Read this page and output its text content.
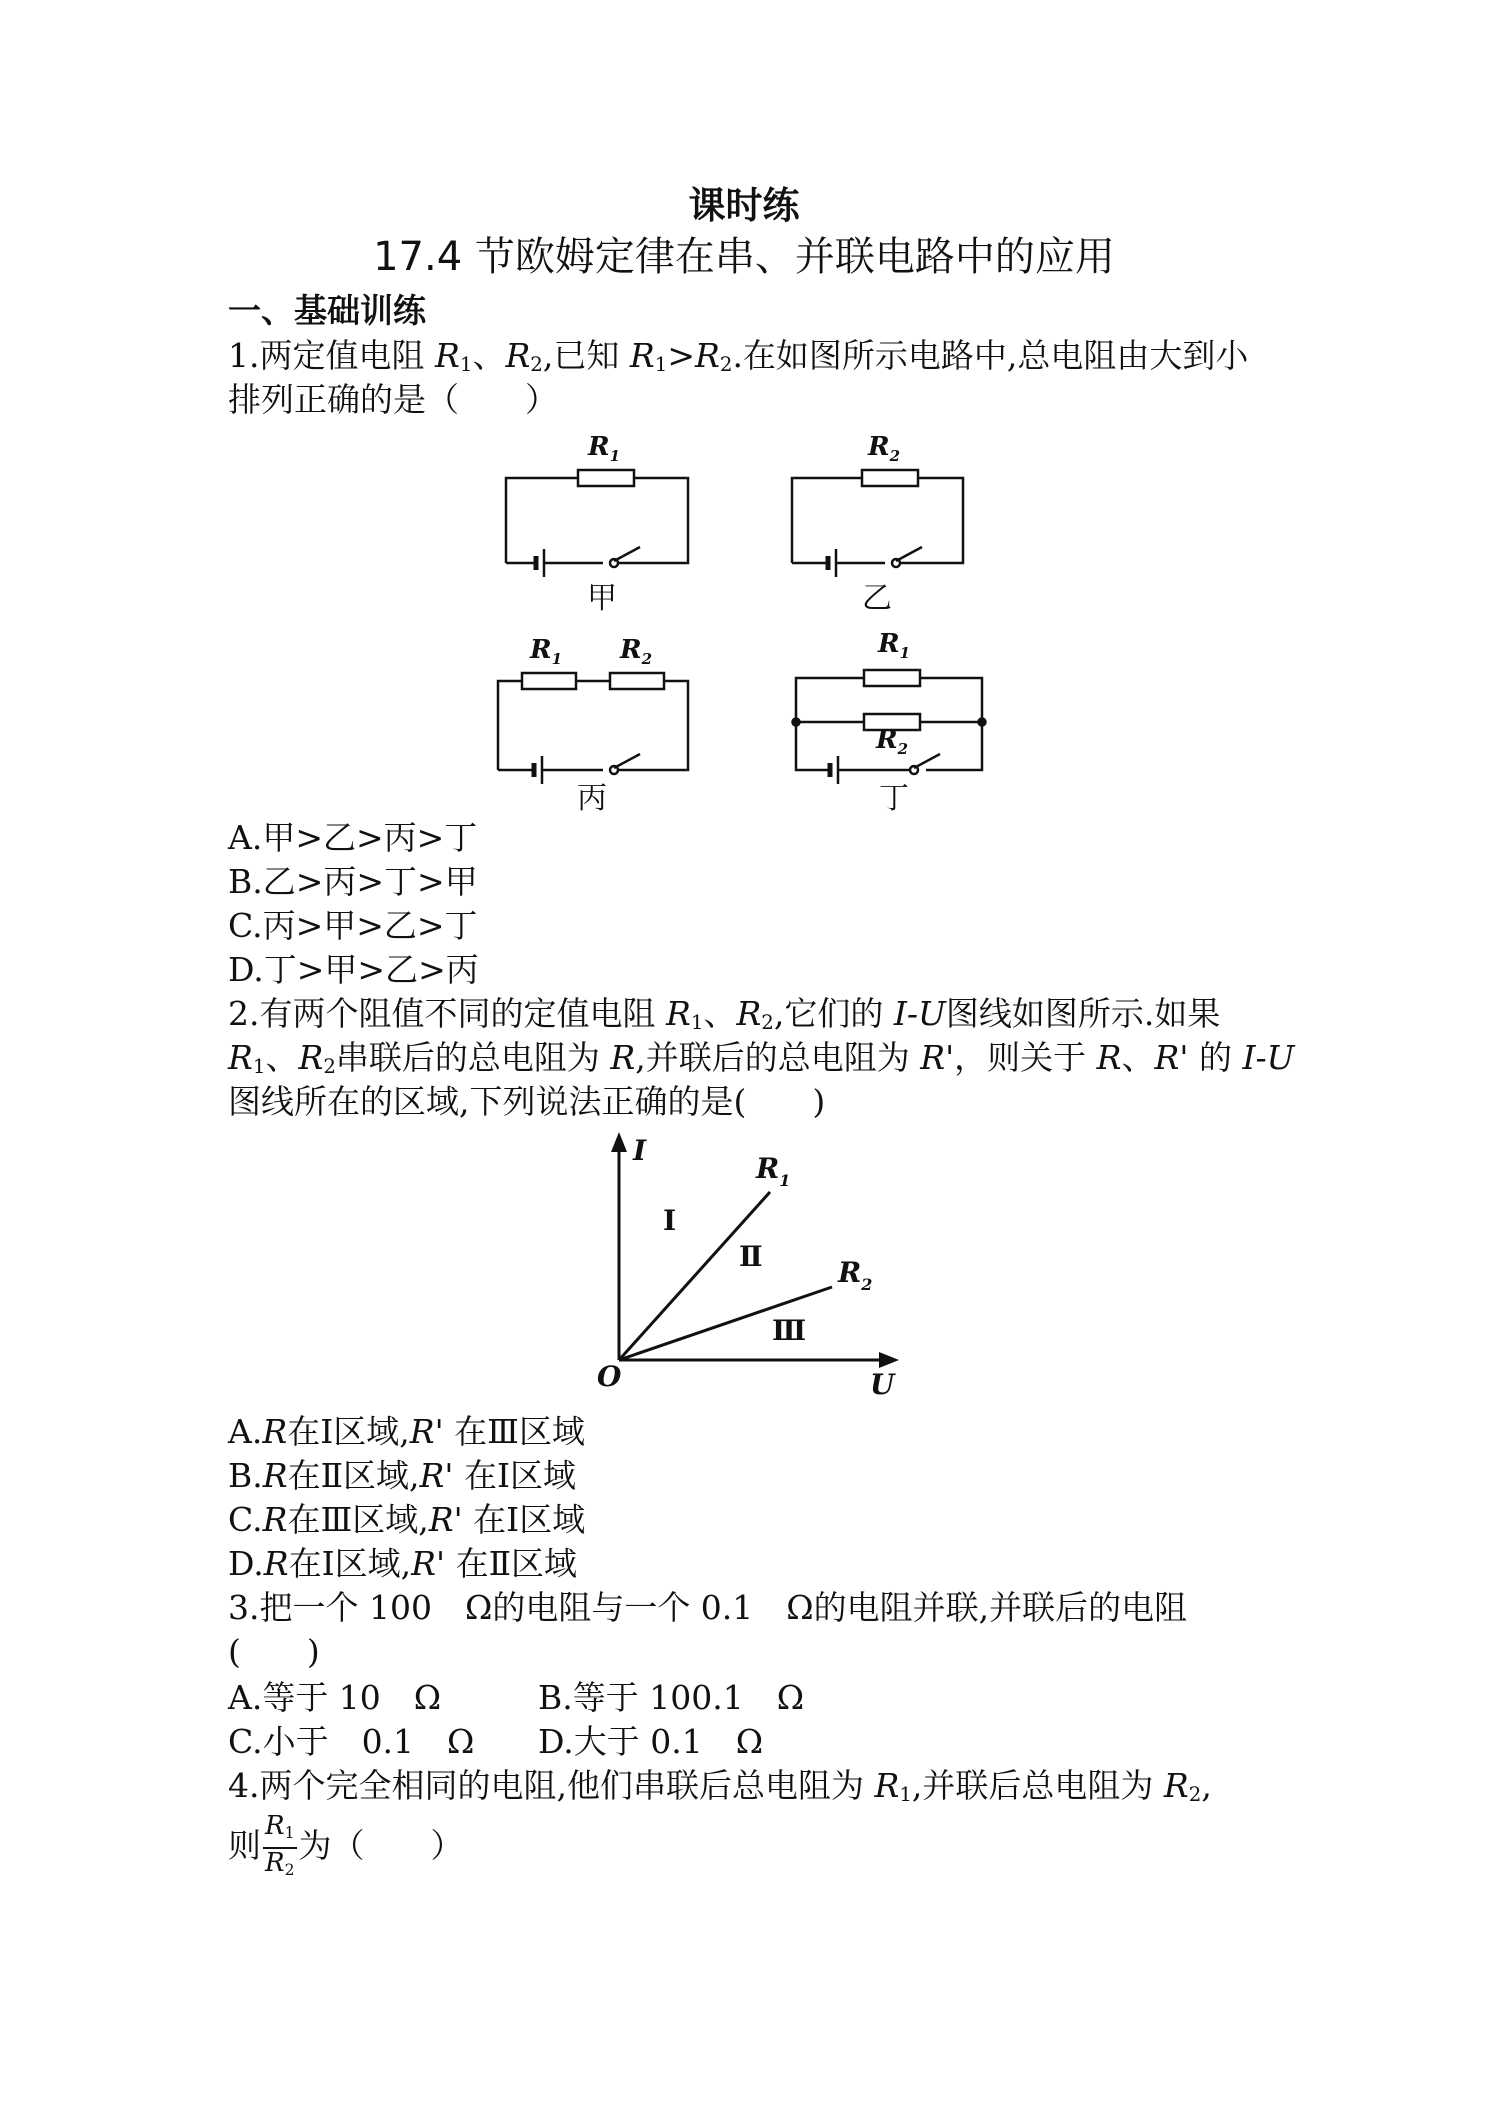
课时练
17.4 节欧姆定律在串、并联电路中的应用
一、基础训练
1.两定值电阻 $R_1$、$R_2$,已知 $R_1>R_2$.在如图所示电路中,总电阻由大到小
排列正确的是（　　）
$R_1$
甲
$R_2$
乙
$R_1$ $R_2$
丙
$R_1$
$R_2$
丁
I
U
O
$R_1$
$R_2$
Ⅰ
Ⅱ
Ⅲ
A.甲>乙>丙>丁
B.乙>丙>丁>甲
C.丙>甲>乙>丁
D.丁>甲>乙>丙
2.有两个阻值不同的定值电阻 $R_1$、$R_2$,它们的 I-U图线如图所示.如果
$R_1$、$R_2$串联后的总电阻为 R,并联后的总电阻为 R'，则关于 R、R' 的 I-U
图线所在的区域,下列说法正确的是(　　)
A.R在Ⅰ区域,R' 在Ⅲ区域
B.R在Ⅱ区域,R' 在Ⅰ区域
C.R在Ⅲ区域,R' 在Ⅰ区域
D.R在Ⅰ区域,R' 在Ⅱ区域
3.把一个 100　Ω的电阻与一个 0.1　Ω的电阻并联,并联后的电阻
(　　)
A.等于 10　Ω	B.等于 100.1　Ω
C.小于　0.1　Ω D.大于 0.1　Ω
4.两个完全相同的电阻,他们串联后总电阻为 $R_1$,并联后总电阻为 $R_2$,
则 $\frac{R_1}{R_2}$ 为（　　）
